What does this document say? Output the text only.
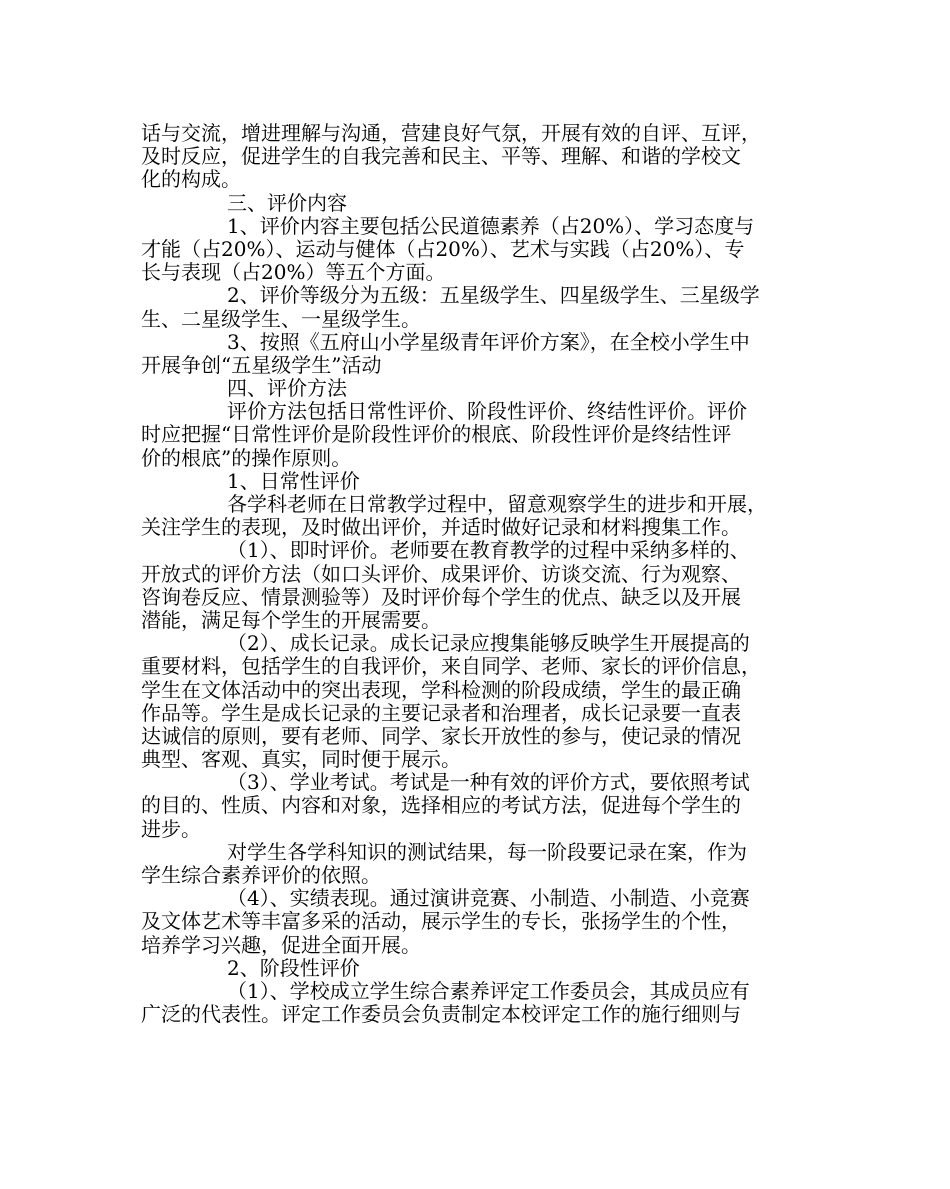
话与交流，增进理解与沟通，营建良好气氛，开展有效的自评、互评，
及时反应，促进学生的自我完善和民主、平等、理解、和谐的学校文
化的构成。
三、评价内容
1、评价内容主要包括公民道德素养（占20%）、学习态度与
才能（占20%）、运动与健体（占20%）、艺术与实践（占20%）、专
长与表现（占20%）等五个方面。
2、评价等级分为五级：五星级学生、四星级学生、三星级学
生、二星级学生、一星级学生。
3、按照《五府山小学星级青年评价方案》，在全校小学生中
开展争创“五星级学生”活动
四、评价方法
评价方法包括日常性评价、阶段性评价、终结性评价。评价
时应把握“日常性评价是阶段性评价的根底、阶段性评价是终结性评
价的根底”的操作原则。
1、日常性评价
各学科老师在日常教学过程中，留意观察学生的进步和开展，
关注学生的表现，及时做出评价，并适时做好记录和材料搜集工作。
（1）、即时评价。老师要在教育教学的过程中采纳多样的、
开放式的评价方法（如口头评价、成果评价、访谈交流、行为观察、
咨询卷反应、情景测验等）及时评价每个学生的优点、缺乏以及开展
潜能，满足每个学生的开展需要。
（2）、成长记录。成长记录应搜集能够反映学生开展提高的
重要材料，包括学生的自我评价，来自同学、老师、家长的评价信息，
学生在文体活动中的突出表现，学科检测的阶段成绩，学生的最正确
作品等。学生是成长记录的主要记录者和治理者，成长记录要一直表
达诚信的原则，要有老师、同学、家长开放性的参与，使记录的情况
典型、客观、真实，同时便于展示。
（3）、学业考试。考试是一种有效的评价方式，要依照考试
的目的、性质、内容和对象，选择相应的考试方法，促进每个学生的
进步。
对学生各学科知识的测试结果，每一阶段要记录在案，作为
学生综合素养评价的依照。
（4）、实绩表现。通过演讲竞赛、小制造、小制造、小竞赛
及文体艺术等丰富多采的活动，展示学生的专长，张扬学生的个性，
培养学习兴趣，促进全面开展。
2、阶段性评价
（1）、学校成立学生综合素养评定工作委员会，其成员应有
广泛的代表性。评定工作委员会负责制定本校评定工作的施行细则与
